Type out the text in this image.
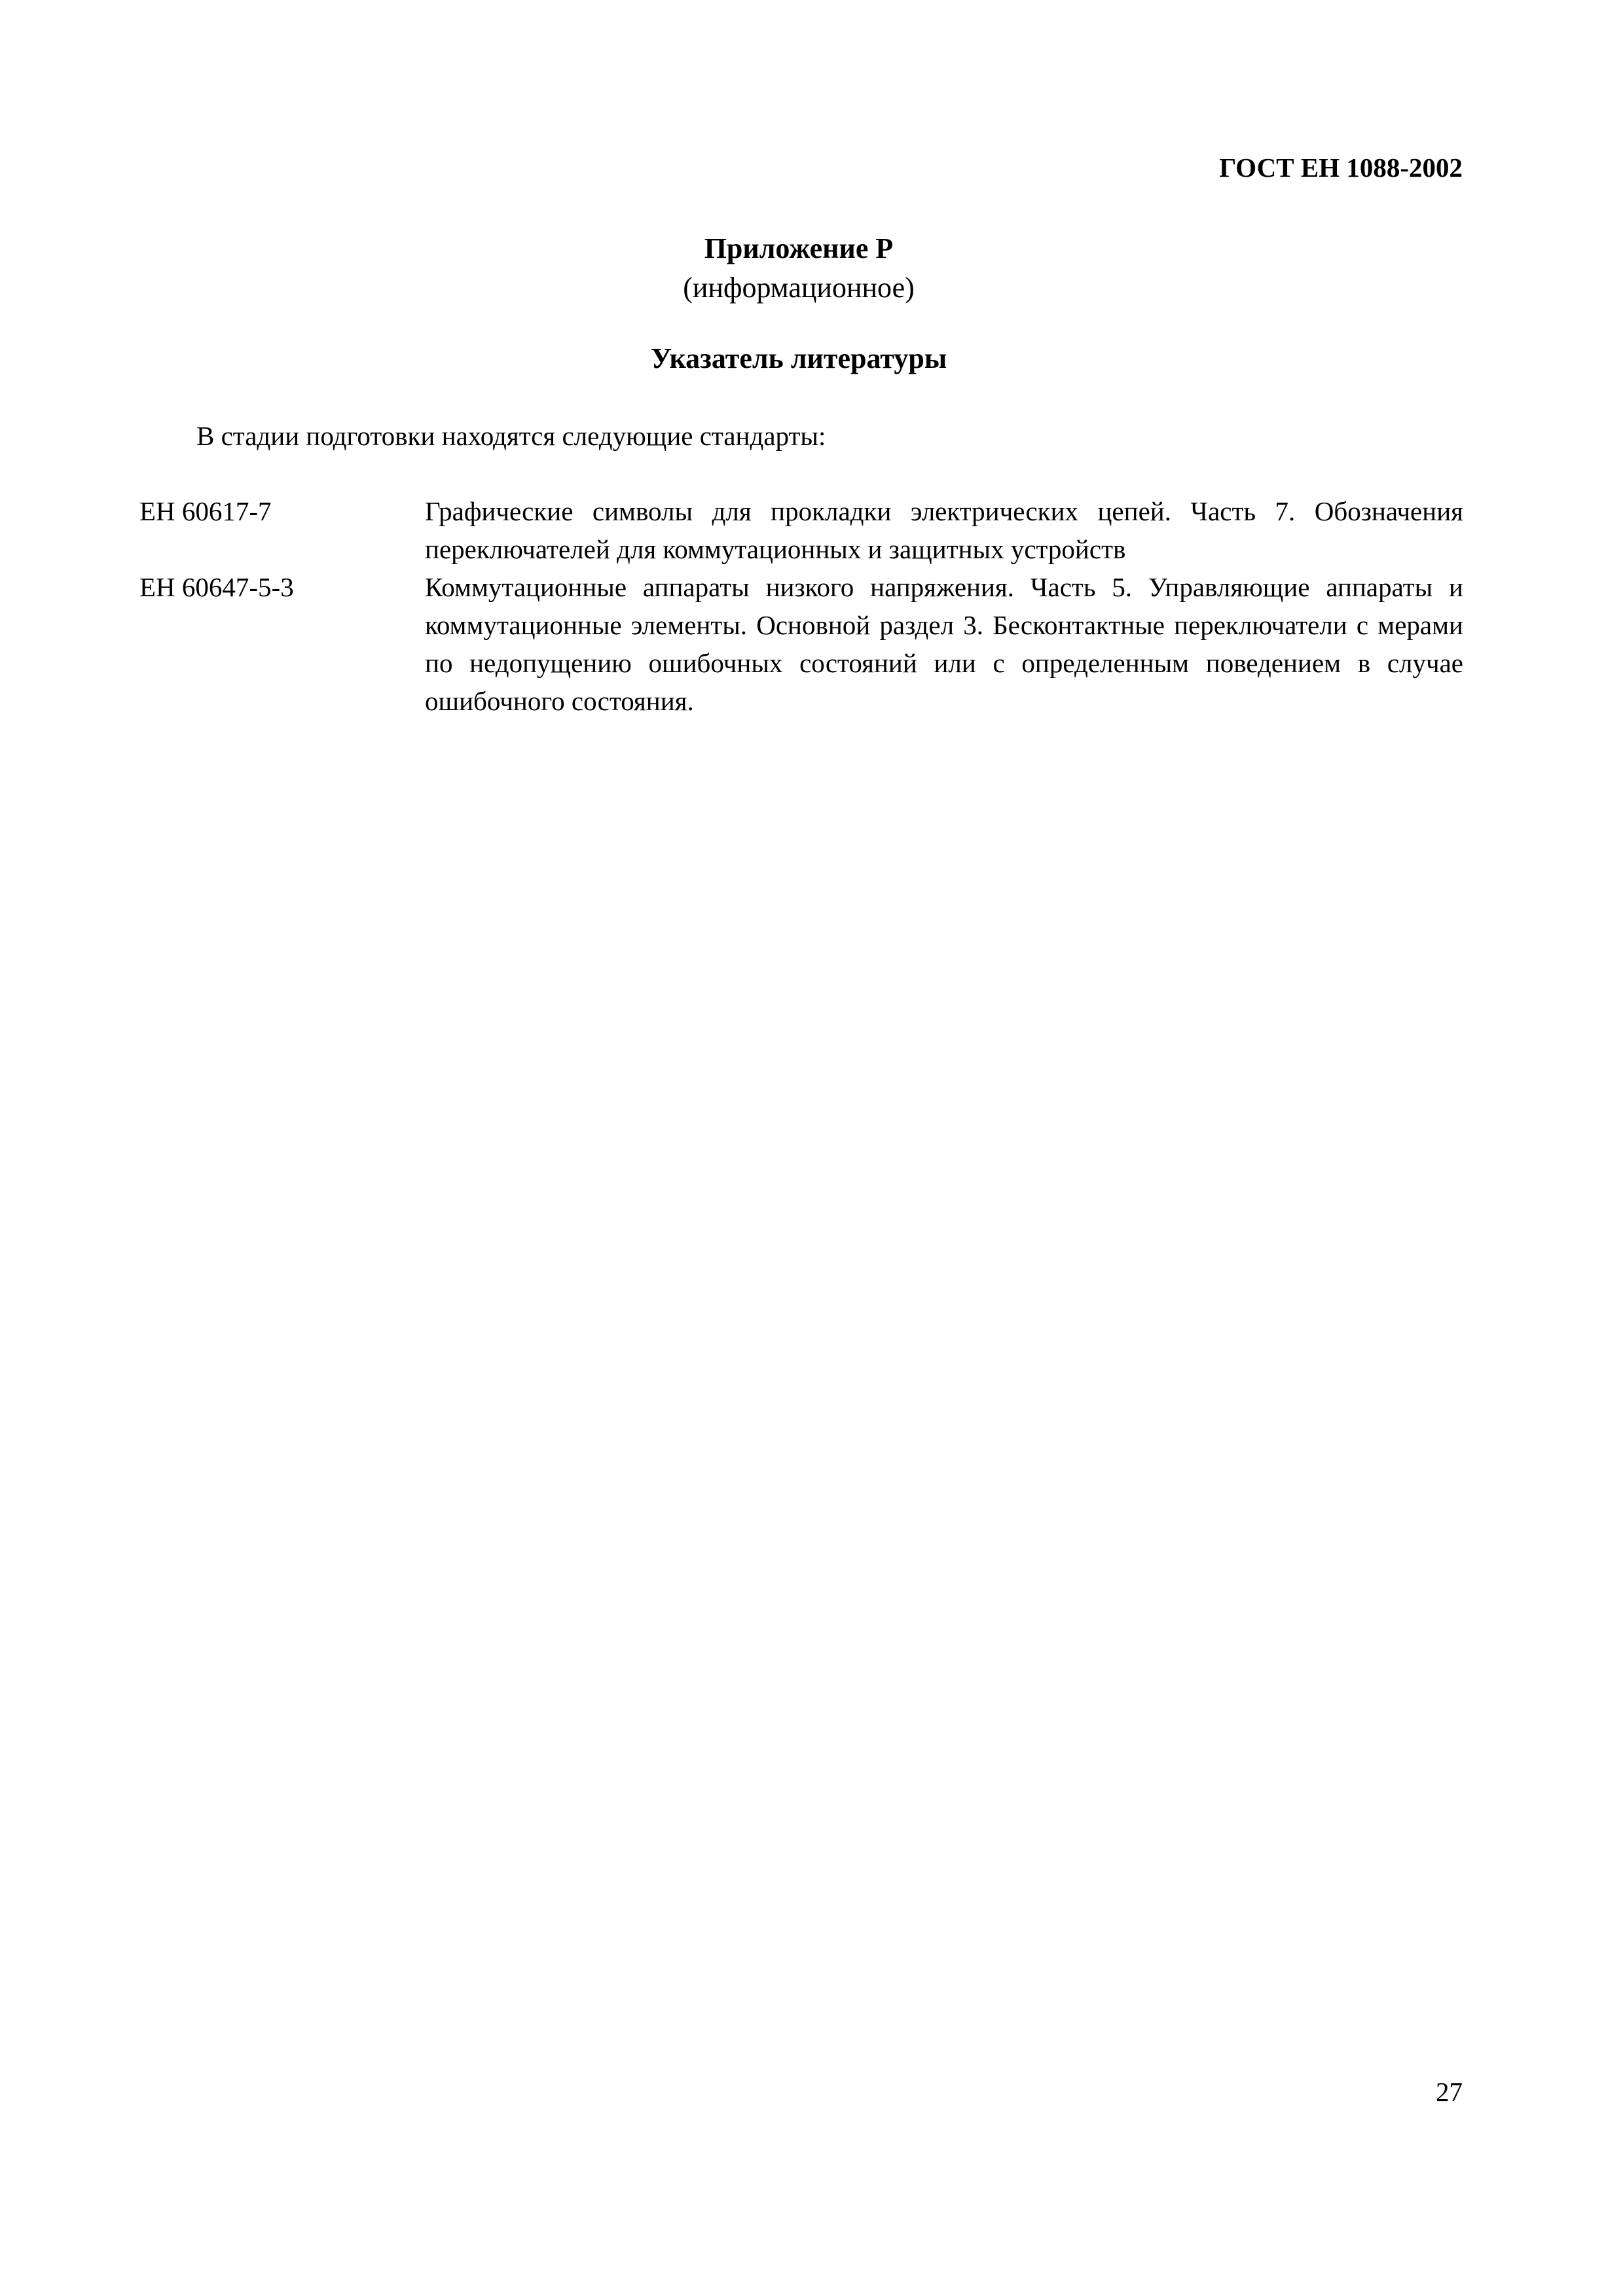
ГОСТ ЕН 1088-2002
Приложение Р
(информационное)
Указатель литературы
В стадии подготовки находятся следующие стандарты:
ЕН 60617-7	Графические символы для прокладки электрических цепей. Часть 7. Обозначения переключателей для коммутационных и защитных устройств
ЕН 60647-5-3	Коммутационные аппараты низкого напряжения. Часть 5. Управляющие аппараты и коммутационные элементы. Основной раздел 3. Бесконтактные переключатели с мерами по недопущению ошибочных состояний или с определенным поведением в случае ошибочного состояния.
27
